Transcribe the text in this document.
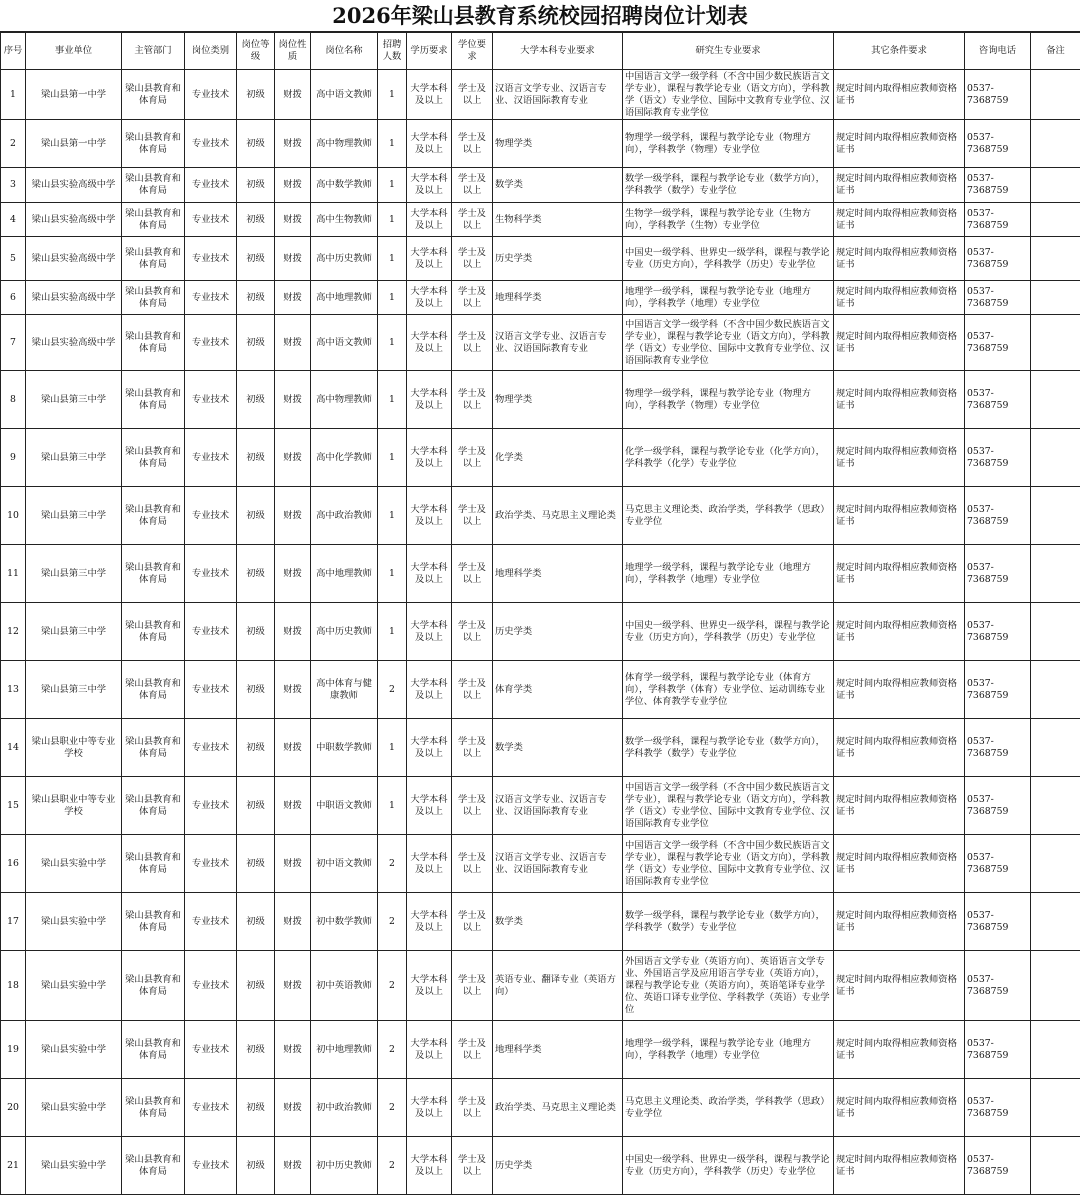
2026年梁山县教育系统校园招聘岗位计划表
序号	事业单位	主管部门	岗位类别	岗位等级	岗位性质	岗位名称	招聘人数	学历要求	学位要求	大学本科专业要求	研究生专业要求	其它条件要求	咨询电话	备注
1	梁山县第一中学	梁山县教育和体育局	专业技术	初级	财拨	高中语文教师	1	大学本科及以上	学士及以上	汉语言文学专业、汉语言专业、汉语国际教育专业	中国语言文学一级学科（不含中国少数民族语言文学专业），课程与教学论专业（语文方向），学科教学（语文）专业学位、国际中文教育专业学位、汉语国际教育专业学位	规定时间内取得相应教师资格证书	0537-7368759	
2	梁山县第一中学	梁山县教育和体育局	专业技术	初级	财拨	高中物理教师	1	大学本科及以上	学士及以上	物理学类	物理学一级学科，课程与教学论专业（物理方向），学科教学（物理）专业学位	规定时间内取得相应教师资格证书	0537-7368759	
3	梁山县实验高级中学	梁山县教育和体育局	专业技术	初级	财拨	高中数学教师	1	大学本科及以上	学士及以上	数学类	数学一级学科，课程与教学论专业（数学方向），学科教学（数学）专业学位	规定时间内取得相应教师资格证书	0537-7368759	
4	梁山县实验高级中学	梁山县教育和体育局	专业技术	初级	财拨	高中生物教师	1	大学本科及以上	学士及以上	生物科学类	生物学一级学科，课程与教学论专业（生物方向），学科教学（生物）专业学位	规定时间内取得相应教师资格证书	0537-7368759	
5	梁山县实验高级中学	梁山县教育和体育局	专业技术	初级	财拨	高中历史教师	1	大学本科及以上	学士及以上	历史学类	中国史一级学科、世界史一级学科，课程与教学论专业（历史方向），学科教学（历史）专业学位	规定时间内取得相应教师资格证书	0537-7368759	
6	梁山县实验高级中学	梁山县教育和体育局	专业技术	初级	财拨	高中地理教师	1	大学本科及以上	学士及以上	地理科学类	地理学一级学科，课程与教学论专业（地理方向），学科教学（地理）专业学位	规定时间内取得相应教师资格证书	0537-7368759	
7	梁山县实验高级中学	梁山县教育和体育局	专业技术	初级	财拨	高中语文教师	1	大学本科及以上	学士及以上	汉语言文学专业、汉语言专业、汉语国际教育专业	中国语言文学一级学科（不含中国少数民族语言文学专业），课程与教学论专业（语文方向），学科教学（语文）专业学位、国际中文教育专业学位、汉语国际教育专业学位	规定时间内取得相应教师资格证书	0537-7368759	
8	梁山县第三中学	梁山县教育和体育局	专业技术	初级	财拨	高中物理教师	1	大学本科及以上	学士及以上	物理学类	物理学一级学科，课程与教学论专业（物理方向），学科教学（物理）专业学位	规定时间内取得相应教师资格证书	0537-7368759	
9	梁山县第三中学	梁山县教育和体育局	专业技术	初级	财拨	高中化学教师	1	大学本科及以上	学士及以上	化学类	化学一级学科，课程与教学论专业（化学方向），学科教学（化学）专业学位	规定时间内取得相应教师资格证书	0537-7368759	
10	梁山县第三中学	梁山县教育和体育局	专业技术	初级	财拨	高中政治教师	1	大学本科及以上	学士及以上	政治学类、马克思主义理论类	马克思主义理论类、政治学类，学科教学（思政）专业学位	规定时间内取得相应教师资格证书	0537-7368759	
11	梁山县第三中学	梁山县教育和体育局	专业技术	初级	财拨	高中地理教师	1	大学本科及以上	学士及以上	地理科学类	地理学一级学科，课程与教学论专业（地理方向），学科教学（地理）专业学位	规定时间内取得相应教师资格证书	0537-7368759	
12	梁山县第三中学	梁山县教育和体育局	专业技术	初级	财拨	高中历史教师	1	大学本科及以上	学士及以上	历史学类	中国史一级学科、世界史一级学科，课程与教学论专业（历史方向），学科教学（历史）专业学位	规定时间内取得相应教师资格证书	0537-7368759	
13	梁山县第三中学	梁山县教育和体育局	专业技术	初级	财拨	高中体育与健康教师	2	大学本科及以上	学士及以上	体育学类	体育学一级学科，课程与教学论专业（体育方向），学科教学（体育）专业学位、运动训练专业学位、体育教学专业学位	规定时间内取得相应教师资格证书	0537-7368759	
14	梁山县职业中等专业学校	梁山县教育和体育局	专业技术	初级	财拨	中职数学教师	1	大学本科及以上	学士及以上	数学类	数学一级学科，课程与教学论专业（数学方向），学科教学（数学）专业学位	规定时间内取得相应教师资格证书	0537-7368759	
15	梁山县职业中等专业学校	梁山县教育和体育局	专业技术	初级	财拨	中职语文教师	1	大学本科及以上	学士及以上	汉语言文学专业、汉语言专业、汉语国际教育专业	中国语言文学一级学科（不含中国少数民族语言文学专业），课程与教学论专业（语文方向），学科教学（语文）专业学位、国际中文教育专业学位、汉语国际教育专业学位	规定时间内取得相应教师资格证书	0537-7368759	
16	梁山县实验中学	梁山县教育和体育局	专业技术	初级	财拨	初中语文教师	2	大学本科及以上	学士及以上	汉语言文学专业、汉语言专业、汉语国际教育专业	中国语言文学一级学科（不含中国少数民族语言文学专业），课程与教学论专业（语文方向），学科教学（语文）专业学位、国际中文教育专业学位、汉语国际教育专业学位	规定时间内取得相应教师资格证书	0537-7368759	
17	梁山县实验中学	梁山县教育和体育局	专业技术	初级	财拨	初中数学教师	2	大学本科及以上	学士及以上	数学类	数学一级学科，课程与教学论专业（数学方向），学科教学（数学）专业学位	规定时间内取得相应教师资格证书	0537-7368759	
18	梁山县实验中学	梁山县教育和体育局	专业技术	初级	财拨	初中英语教师	2	大学本科及以上	学士及以上	英语专业、翻译专业（英语方向）	外国语言文学专业（英语方向）、英语语言文学专业、外国语言学及应用语言学专业（英语方向），课程与教学论专业（英语方向），英语笔译专业学位、英语口译专业学位、学科教学（英语）专业学位	规定时间内取得相应教师资格证书	0537-7368759	
19	梁山县实验中学	梁山县教育和体育局	专业技术	初级	财拨	初中地理教师	2	大学本科及以上	学士及以上	地理科学类	地理学一级学科，课程与教学论专业（地理方向），学科教学（地理）专业学位	规定时间内取得相应教师资格证书	0537-7368759	
20	梁山县实验中学	梁山县教育和体育局	专业技术	初级	财拨	初中政治教师	2	大学本科及以上	学士及以上	政治学类、马克思主义理论类	马克思主义理论类、政治学类，学科教学（思政）专业学位	规定时间内取得相应教师资格证书	0537-7368759	
21	梁山县实验中学	梁山县教育和体育局	专业技术	初级	财拨	初中历史教师	2	大学本科及以上	学士及以上	历史学类	中国史一级学科、世界史一级学科，课程与教学论专业（历史方向），学科教学（历史）专业学位	规定时间内取得相应教师资格证书	0537-7368759	
